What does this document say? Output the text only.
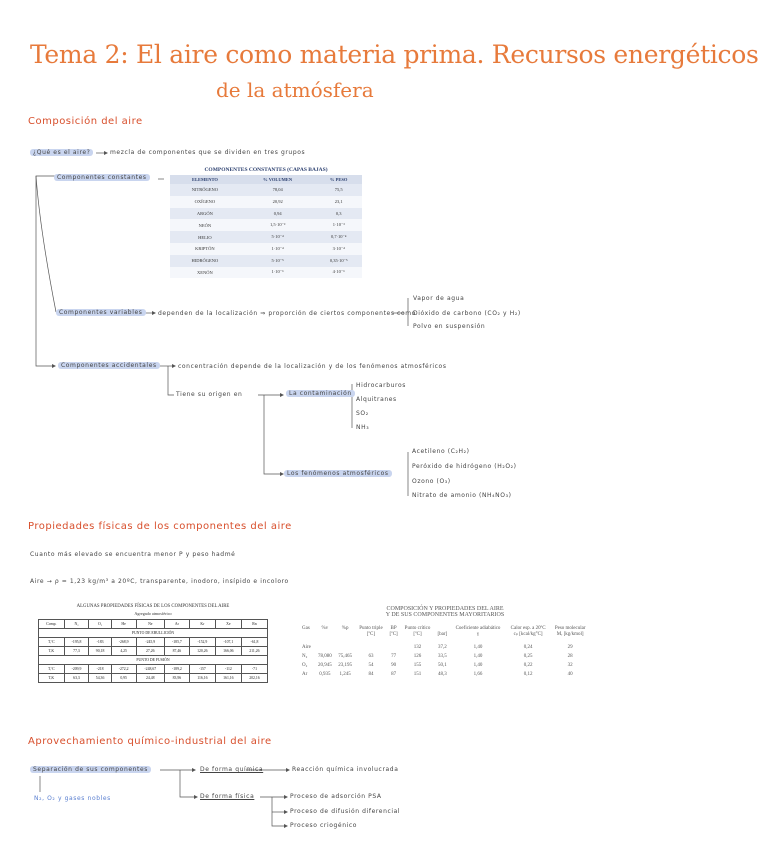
Tema 2: El aire como materia prima. Recursos energéticos
de la atmósfera
Composición del aire
¿Qué es el aire?	mezcla de componentes que se dividen en tres grupos
Componentes constantes
COMPONENTES CONSTANTES (CAPAS BAJAS)
ELEMENTO	% VOLUMEN	% PESO
NITRÓGENO	78,04	75,5
OXÍGENO	20,92	23,1
ARGÓN	0,94	0,3
NEÓN	1,5·10⁻³	1·10⁻³
HELIO	5·10⁻⁴	0,7·10⁻⁴
KRIPTÓN	1·10⁻⁴	3·10⁻⁴
HIDRÓGENO	5·10⁻⁵	0,35·10⁻⁵
XENÓN	1·10⁻⁶	4·10⁻⁶
Componentes variables	dependen de la localización ⇒ proporción de ciertos componentes como
Vapor de agua
Dióxido de carbono (CO₂ y H₂)
Polvo en suspensión
Componentes accidentales	concentración depende de la localización y de los fenómenos atmosféricos
Tiene su origen en	La contaminación
Hidrocarburos
Alquitranes
SO₂
NH₃
Los fenómenos atmosféricos
Acetileno (C₂H₂)
Peróxido de hidrógeno (H₂O₂)
Ozono (O₃)
Nitrato de amonio (NH₄NO₃)
Propiedades físicas de los componentes del aire
Cuanto más elevado se encuentra menor P y peso hadmé
Aire → ρ = 1,23 kg/m³ a 20ºC, transparente, inodoro, insípido e incoloro
ALGUNAS PROPIEDADES FÍSICAS DE LOS COMPONENTES DEL AIRE
Agregado atmosférico
Comp.	N₂	O₂	He	Ne	Ar	Kr	Xe	Rn
PUNTO DE EBULLICIÓN								
T,ºC	-195,8	-183	-268,9	-245,9	-185,7	-152,9	-107,1	-61,8
T,K	77,3	90,18	4,25	27,26	87,46	120,26	166,06	211,26
PUNTO DE FUSIÓN								
T,ºC	-209,9	-218	-272,2	-248,67	-189,2	-157	-112	-71
T,K	63,3	54,36	0,95	24,48	83,96	116,16	161,16	202,16
COMPOSICIÓN Y PROPIEDADES DEL AIRE
Y DE SUS COMPONENTES MAYORITARIOS
Gas	%v	%p	Punto triple	BP	Punto crítico		Coeficiente adiabático	Calor esp. a 20ºC	Peso molecular
			[ºC]	[ºC]	[ºC]	[bar]	γ	cₚ [kcal/kg°C]	Mᵣ [kg/kmol]

Aire					132	37,2	1,40	0,24	29
N₂	78,080	75,465	63	77	126	33,5	1,40	0,25	28
O₂	20,945	23,195	54	90	155	50,1	1,40	0,22	32
Ar	0,935	1,245	84	87	151	48,3	1,66	0,12	40
Aprovechamiento químico-industrial del aire
Separación de sus componentes
N₂, O₂ y gases nobles
De forma química	Reacción química involucrada
De forma física	Proceso de adsorción PSA
Proceso de difusión diferencial
Proceso criogénico
